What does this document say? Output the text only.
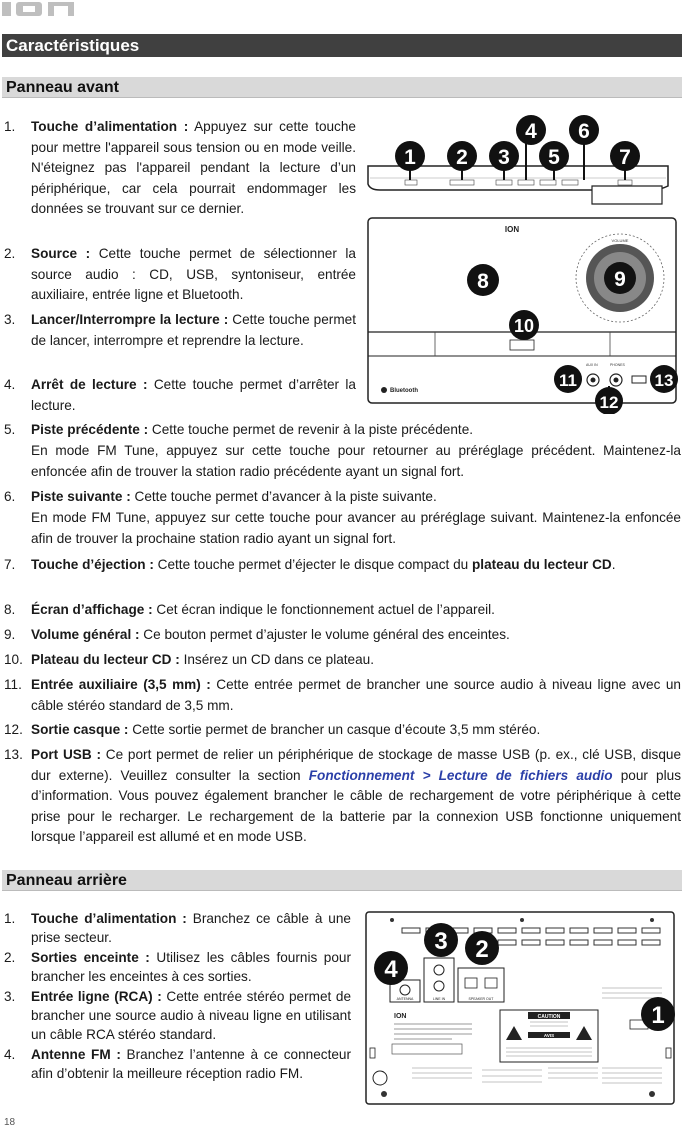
ION
Caractéristiques
Panneau avant
1.	Touche d’alimentation : Appuyez sur cette touche pour mettre l'appareil sous tension ou en mode veille. N'éteignez pas l'appareil pendant la lecture d’un périphérique, car cela pourrait endommager les données se trouvant sur ce dernier.

2.	Source : Cette touche permet de sélectionner la source audio : CD, USB, syntoniseur, entrée auxiliaire, entrée ligne et Bluetooth.

3.	Lancer/Interrompre la lecture : Cette touche permet de lancer, interrompre et reprendre la lecture.

4.	Arrêt de lecture : Cette touche permet d’arrêter la lecture.

ION
VOLUME
Bluetooth
AUX IN	PHONES
1 2 3
4
5
6
7
8	9
10
11
12
13
5.	Piste précédente : Cette touche permet de revenir à la piste précédente.

En mode FM Tune, appuyez sur cette touche pour retourner au préréglage précédent. Maintenez-la enfoncée afin de trouver la station radio précédente ayant un signal fort.

6.	Piste suivante : Cette touche permet d’avancer à la piste suivante.

En mode FM Tune, appuyez sur cette touche pour avancer au préréglage suivant. Maintenez-la enfoncée afin de trouver la prochaine station radio ayant un signal fort.

7.	Touche d’éjection : Cette touche permet d’éjecter le disque compact du plateau du lecteur CD.

8.	Écran d’affichage : Cet écran indique le fonctionnement actuel de l’appareil.

9.	Volume général : Ce bouton permet d’ajuster le volume général des enceintes.

10. Plateau du lecteur CD : Insérez un CD dans ce plateau.

11. Entrée auxiliaire (3,5 mm) : Cette entrée permet de brancher une source audio à niveau ligne avec un câble stéréo standard de 3,5 mm.

12. Sortie casque : Cette sortie permet de brancher un casque d’écoute 3,5 mm stéréo.

13. Port USB : Ce port permet de relier un périphérique de stockage de masse USB (p. ex., clé USB, disque dur externe). Veuillez consulter la section Fonctionnement > Lecture de fichiers audio pour plus d’information. Vous pouvez également brancher le câble de rechargement de votre périphérique à cette prise pour le recharger. Le rechargement de la batterie par la connexion USB fonctionne uniquement lorsque l’appareil est allumé et en mode USB.

Panneau arrière
1.	Touche d’alimentation : Branchez ce câble à une prise secteur.

2.	Sorties enceinte : Utilisez les câbles fournis pour brancher les enceintes à ces sorties.

3.	Entrée ligne (RCA) : Cette entrée stéréo permet de brancher une source audio à niveau ligne en utilisant un câble RCA stéréo standard.

4.	Antenne FM : Branchez l’antenne à ce connecteur afin d’obtenir la meilleure réception radio FM.

ANTENNA	LINE IN	SPEAKER OUT
ION	CAUTION
AVIS
1
2
3
4
18
